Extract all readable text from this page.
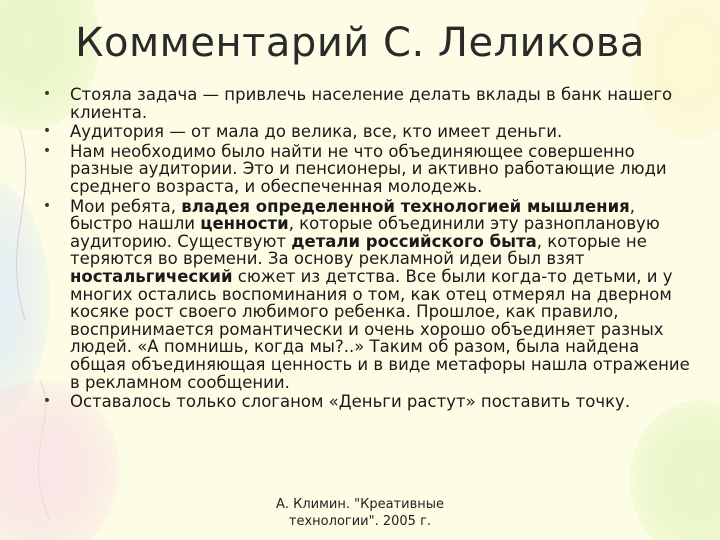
Комментарий С. Леликова
• Стояла задача — привлечь население делать вклады в банк нашего клиента.
• Аудитория — от мала до велика, все, кто имеет деньги.
• Нам необходимо было найти не что объединяющее совершенно разные аудитории. Это и пенсионеры, и активно работающие люди среднего возраста, и обеспеченная молодежь.
• Мои ребята, владея определенной технологией мышления, быстро нашли ценности, которые объединили эту разноплановую аудиторию. Существуют детали российского быта, которые не теряются во времени. За основу рекламной идеи был взят ностальгический сюжет из детства. Все были когда-то детьми, и у многих остались воспоминания о том, как отец отмерял на дверном косяке рост своего любимого ребенка. Прошлое, как правило, воспринимается романтически и очень хорошо объединяет разных людей. «А помнишь, когда мы?..» Таким об разом, была найдена общая объединяющая ценность и в виде метафоры нашла отражение в рекламном сообщении.
• Оставалось только слоганом «Деньги растут» поставить точку.
А. Климин. "Креативные
технологии". 2005 г.
